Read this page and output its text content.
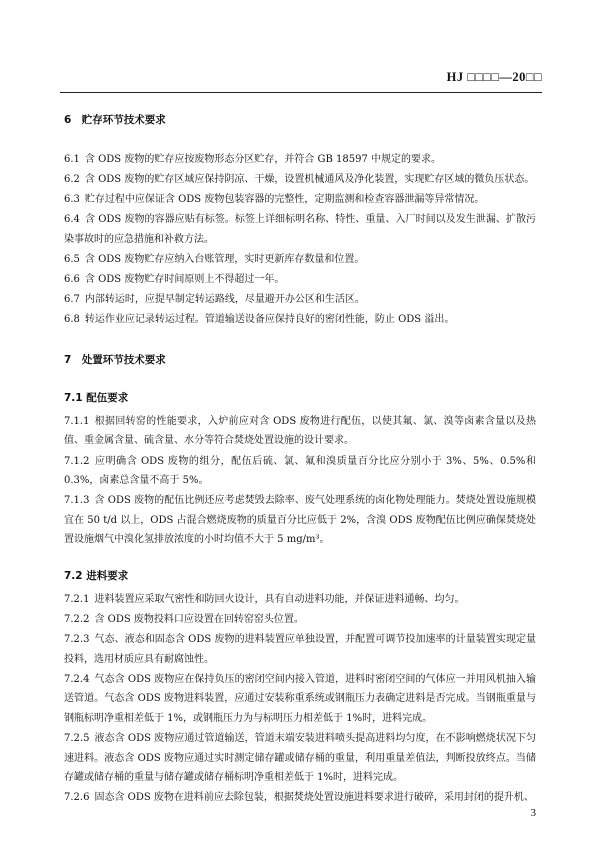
HJ □□□□—20□□
6　贮存环节技术要求
6.1 含 ODS 废物的贮存应按废物形态分区贮存，并符合 GB 18597 中规定的要求。
6.2 含 ODS 废物的贮存区域应保持阴凉、干燥，设置机械通风及净化装置，实现贮存区域的微负压状态。
6.3 贮存过程中应保证含 ODS 废物包装容器的完整性，定期监测和检查容器泄漏等异常情况。
6.4 含 ODS 废物的容器应贴有标签。标签上详细标明名称、特性、重量、入厂时间以及发生泄漏、扩散污染事故时的应急措施和补救方法。
6.5 含 ODS 废物贮存应纳入台账管理，实时更新库存数量和位置。
6.6 含 ODS 废物贮存时间原则上不得超过一年。
6.7 内部转运时，应提早制定转运路线，尽量避开办公区和生活区。
6.8 转运作业应记录转运过程。管道输送设备应保持良好的密闭性能，防止 ODS 溢出。
7　处置环节技术要求
7.1 配伍要求
7.1.1 根据回转窑的性能要求，入炉前应对含 ODS 废物进行配伍，以使其氟、氯、溴等卤素含量以及热值、重金属含量、硫含量、水分等符合焚烧处置设施的设计要求。
7.1.2 应明确含 ODS 废物的组分，配伍后硫、氯、氟和溴质量百分比应分别小于 3%、5%、0.5%和 0.3%，卤素总含量不高于 5%。
7.1.3 含 ODS 废物的配伍比例还应考虑焚毁去除率、废气处理系统的卤化物处理能力。焚烧处置设施规模宜在 50 t/d 以上，ODS 占混合燃烧废物的质量百分比应低于 2%，含溴 ODS 废物配伍比例应确保焚烧处置设施烟气中溴化氢排放浓度的小时均值不大于 5 mg/m³。
7.2 进料要求
7.2.1 进料装置应采取气密性和防回火设计，具有自动进料功能，并保证进料通畅、均匀。
7.2.2 含 ODS 废物投料口应设置在回转窑窑头位置。
7.2.3 气态、液态和固态含 ODS 废物的进料装置应单独设置，并配置可调节投加速率的计量装置实现定量投料，选用材质应具有耐腐蚀性。
7.2.4 气态含 ODS 废物应在保持负压的密闭空间内接入管道，进料时密闭空间的气体应一并用风机抽入输送管道。气态含 ODS 废物进料装置，应通过安装称重系统或钢瓶压力表确定进料是否完成。当钢瓶重量与钢瓶标明净重相差低于 1%，或钢瓶压力为与标明压力相差低于 1%时，进料完成。
7.2.5 液态含 ODS 废物应通过管道输送，管道末端安装进料喷头提高进料均匀度，在不影响燃烧状况下匀速进料。液态含 ODS 废物应通过实时测定储存罐或储存桶的重量，利用重量差值法，判断投放终点。当储存罐或储存桶的重量与储存罐或储存桶标明净重相差低于 1%时，进料完成。
7.2.6 固态含 ODS 废物在进料前应去除包装，根据焚烧处置设施进料要求进行破碎，采用封闭的提升机、
3
